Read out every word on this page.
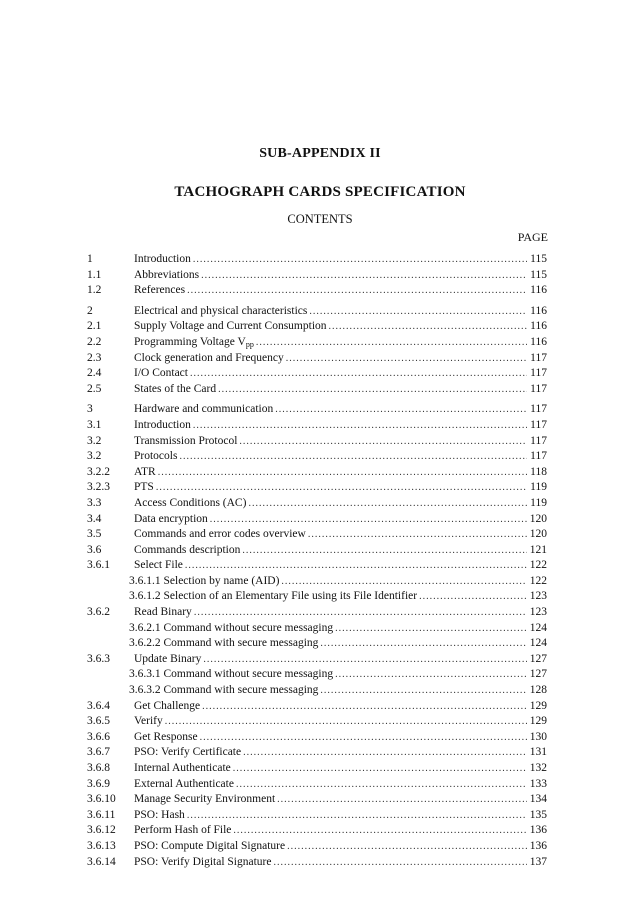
SUB-APPENDIX II
TACHOGRAPH CARDS SPECIFICATION
CONTENTS
PAGE
1	Introduction .....	115
1.1	Abbreviations .....	115
1.2	References .....	116
2	Electrical and physical characteristics .....	116
2.1	Supply Voltage and Current Consumption .....	116
2.2	Programming Voltage Vpp .....	116
2.3	Clock generation and Frequency .....	117
2.4	I/O Contact .....	117
2.5	States of the Card .....	117
3	Hardware and communication .....	117
3.1	Introduction .....	117
3.2	Transmission Protocol .....	117
3.2	Protocols .....	117
3.2.2	ATR .....	118
3.2.3	PTS .....	119
3.3	Access Conditions (AC) .....	119
3.4	Data encryption .....	120
3.5	Commands and error codes overview .....	120
3.6	Commands description .....	121
3.6.1	Select File .....	122
3.6.1.1 Selection by name (AID) .....	122
3.6.1.2 Selection of an Elementary File using its File Identifier .....	123
3.6.2	Read Binary .....	123
3.6.2.1 Command without secure messaging .....	124
3.6.2.2 Command with secure messaging .....	124
3.6.3	Update Binary .....	127
3.6.3.1 Command without secure messaging .....	127
3.6.3.2 Command with secure messaging .....	128
3.6.4	Get Challenge .....	129
3.6.5	Verify .....	129
3.6.6	Get Response .....	130
3.6.7	PSO: Verify Certificate .....	131
3.6.8	Internal Authenticate .....	132
3.6.9	External Authenticate .....	133
3.6.10	Manage Security Environment .....	134
3.6.11	PSO: Hash .....	135
3.6.12	Perform Hash of File .....	136
3.6.13	PSO: Compute Digital Signature .....	136
3.6.14	PSO: Verify Digital Signature .....	137
